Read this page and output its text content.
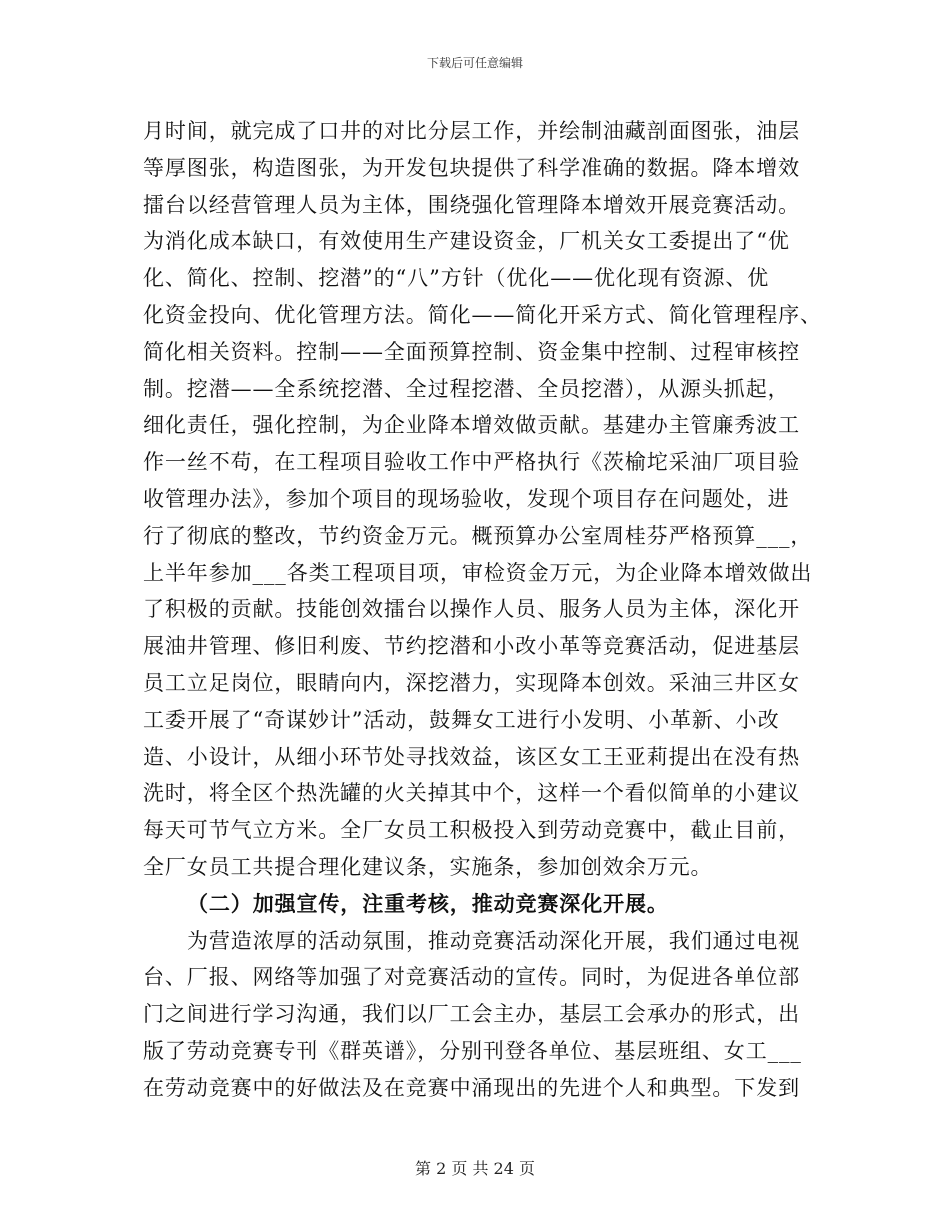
下载后可任意编辑
月时间，就完成了口井的对比分层工作，并绘制油藏剖面图张，油层
等厚图张，构造图张，为开发包块提供了科学准确的数据。降本增效
擂台以经营管理人员为主体，围绕强化管理降本增效开展竞赛活动。
为消化成本缺口，有效使用生产建设资金，厂机关女工委提出了“优
化、简化、控制、挖潜”的“八”方针（优化——优化现有资源、优
化资金投向、优化管理方法。简化——简化开采方式、简化管理程序、
简化相关资料。控制——全面预算控制、资金集中控制、过程审核控
制。挖潜——全系统挖潜、全过程挖潜、全员挖潜），从源头抓起，
细化责任，强化控制，为企业降本增效做贡献。基建办主管廉秀波工
作一丝不苟，在工程项目验收工作中严格执行《茨榆坨采油厂项目验
收管理办法》，参加个项目的现场验收，发现个项目存在问题处，进
行了彻底的整改，节约资金万元。概预算办公室周桂芬严格预算___，
上半年参加___各类工程项目项，审检资金万元，为企业降本增效做出
了积极的贡献。技能创效擂台以操作人员、服务人员为主体，深化开
展油井管理、修旧利废、节约挖潜和小改小革等竞赛活动，促进基层
员工立足岗位，眼睛向内，深挖潜力，实现降本创效。采油三井区女
工委开展了“奇谋妙计”活动，鼓舞女工进行小发明、小革新、小改
造、小设计，从细小环节处寻找效益，该区女工王亚莉提出在没有热
洗时，将全区个热洗罐的火关掉其中个，这样一个看似简单的小建议
每天可节气立方米。全厂女员工积极投入到劳动竞赛中，截止目前，
全厂女员工共提合理化建议条，实施条，参加创效余万元。
（二）加强宣传，注重考核，推动竞赛深化开展。
为营造浓厚的活动氛围，推动竞赛活动深化开展，我们通过电视
台、厂报、网络等加强了对竞赛活动的宣传。同时，为促进各单位部
门之间进行学习沟通，我们以厂工会主办，基层工会承办的形式，出
版了劳动竞赛专刊《群英谱》，分别刊登各单位、基层班组、女工___
在劳动竞赛中的好做法及在竞赛中涌现出的先进个人和典型。下发到
第 2 页 共 24 页
